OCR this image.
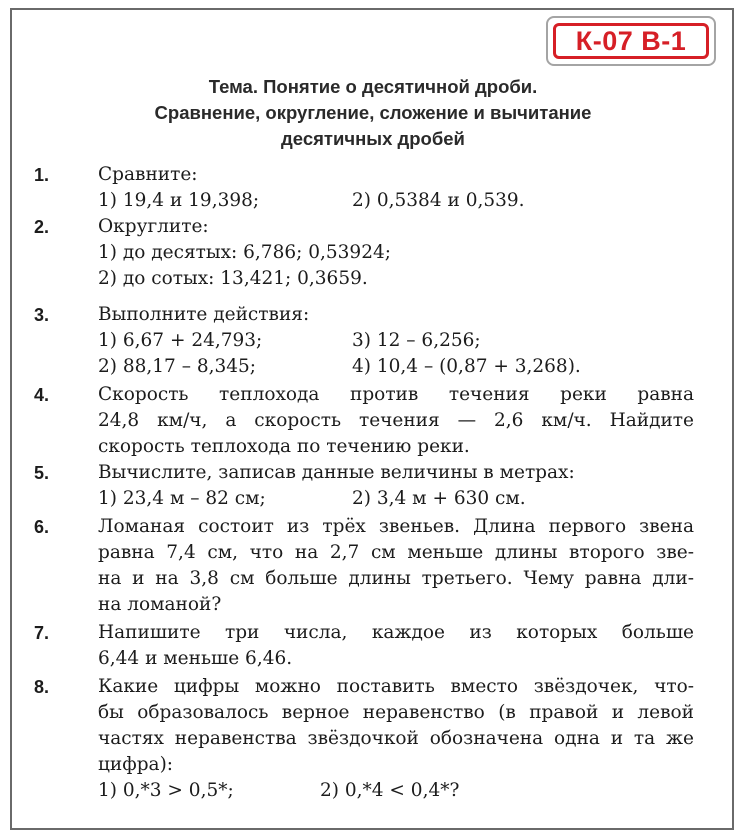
К-07 В-1
Тема. Понятие о десятичной дроби.
Сравнение, округление, сложение и вычитание
десятичных дробей
1.	Сравните:
1) 19,4 и 19,398;	2) 0,5384 и 0,539.
2.	Округлите:
1) до десятых: 6,786; 0,53924;
2) до сотых: 13,421; 0,3659.
3.	Выполните действия:
1) 6,67 + 24,793;	3) 12 – 6,256;
2) 88,17 – 8,345;	4) 10,4 – (0,87 + 3,268).
4.	Скорость теплохода против течения реки равна
24,8 км/ч, а скорость течения — 2,6 км/ч. Найдите
скорость теплохода по течению реки.
5.	Вычислите, записав данные величины в метрах:
1) 23,4 м – 82 см;	2) 3,4 м + 630 см.
6.	Ломаная состоит из трёх звеньев. Длина первого звена
равна 7,4 см, что на 2,7 см меньше длины второго зве-
на и на 3,8 см больше длины третьего. Чему равна дли-
на ломаной?
7.	Напишите три числа, каждое из которых больше
6,44 и меньше 6,46.
8.	Какие цифры можно поставить вместо звёздочек, что-
бы образовалось верное неравенство (в правой и левой
частях неравенства звёздочкой обозначена одна и та же
цифра):
1) 0,*3 > 0,5*;	2) 0,*4 < 0,4*?
